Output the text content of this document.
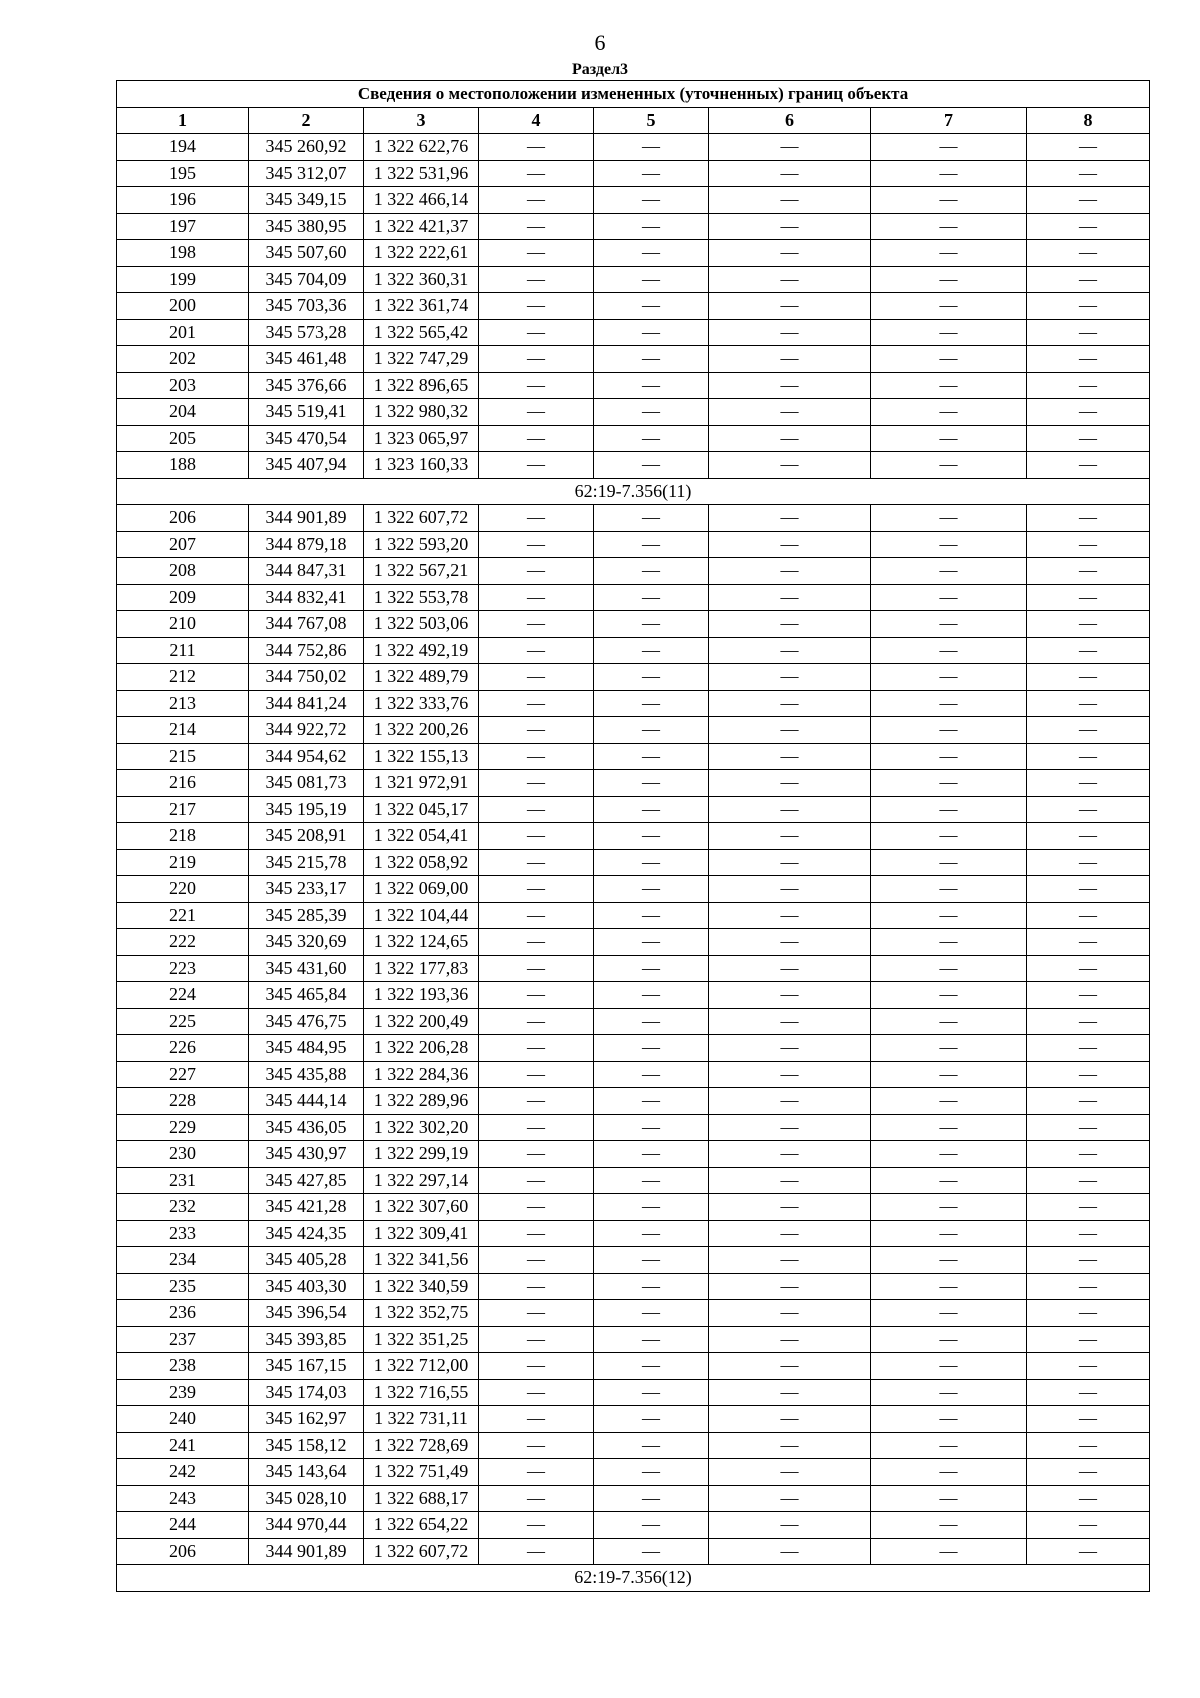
6
Раздел3
Сведения о местоположении измененных (уточненных) границ объекта							
1	2	3	4	5	6	7	8
194	345 260,92	1 322 622,76	—	—	—	—	—
195	345 312,07	1 322 531,96	—	—	—	—	—
196	345 349,15	1 322 466,14	—	—	—	—	—
197	345 380,95	1 322 421,37	—	—	—	—	—
198	345 507,60	1 322 222,61	—	—	—	—	—
199	345 704,09	1 322 360,31	—	—	—	—	—
200	345 703,36	1 322 361,74	—	—	—	—	—
201	345 573,28	1 322 565,42	—	—	—	—	—
202	345 461,48	1 322 747,29	—	—	—	—	—
203	345 376,66	1 322 896,65	—	—	—	—	—
204	345 519,41	1 322 980,32	—	—	—	—	—
205	345 470,54	1 323 065,97	—	—	—	—	—
188	345 407,94	1 323 160,33	—	—	—	—	—
62:19-7.356(11)							
206	344 901,89	1 322 607,72	—	—	—	—	—
207	344 879,18	1 322 593,20	—	—	—	—	—
208	344 847,31	1 322 567,21	—	—	—	—	—
209	344 832,41	1 322 553,78	—	—	—	—	—
210	344 767,08	1 322 503,06	—	—	—	—	—
211	344 752,86	1 322 492,19	—	—	—	—	—
212	344 750,02	1 322 489,79	—	—	—	—	—
213	344 841,24	1 322 333,76	—	—	—	—	—
214	344 922,72	1 322 200,26	—	—	—	—	—
215	344 954,62	1 322 155,13	—	—	—	—	—
216	345 081,73	1 321 972,91	—	—	—	—	—
217	345 195,19	1 322 045,17	—	—	—	—	—
218	345 208,91	1 322 054,41	—	—	—	—	—
219	345 215,78	1 322 058,92	—	—	—	—	—
220	345 233,17	1 322 069,00	—	—	—	—	—
221	345 285,39	1 322 104,44	—	—	—	—	—
222	345 320,69	1 322 124,65	—	—	—	—	—
223	345 431,60	1 322 177,83	—	—	—	—	—
224	345 465,84	1 322 193,36	—	—	—	—	—
225	345 476,75	1 322 200,49	—	—	—	—	—
226	345 484,95	1 322 206,28	—	—	—	—	—
227	345 435,88	1 322 284,36	—	—	—	—	—
228	345 444,14	1 322 289,96	—	—	—	—	—
229	345 436,05	1 322 302,20	—	—	—	—	—
230	345 430,97	1 322 299,19	—	—	—	—	—
231	345 427,85	1 322 297,14	—	—	—	—	—
232	345 421,28	1 322 307,60	—	—	—	—	—
233	345 424,35	1 322 309,41	—	—	—	—	—
234	345 405,28	1 322 341,56	—	—	—	—	—
235	345 403,30	1 322 340,59	—	—	—	—	—
236	345 396,54	1 322 352,75	—	—	—	—	—
237	345 393,85	1 322 351,25	—	—	—	—	—
238	345 167,15	1 322 712,00	—	—	—	—	—
239	345 174,03	1 322 716,55	—	—	—	—	—
240	345 162,97	1 322 731,11	—	—	—	—	—
241	345 158,12	1 322 728,69	—	—	—	—	—
242	345 143,64	1 322 751,49	—	—	—	—	—
243	345 028,10	1 322 688,17	—	—	—	—	—
244	344 970,44	1 322 654,22	—	—	—	—	—
206	344 901,89	1 322 607,72	—	—	—	—	—
62:19-7.356(12)							
